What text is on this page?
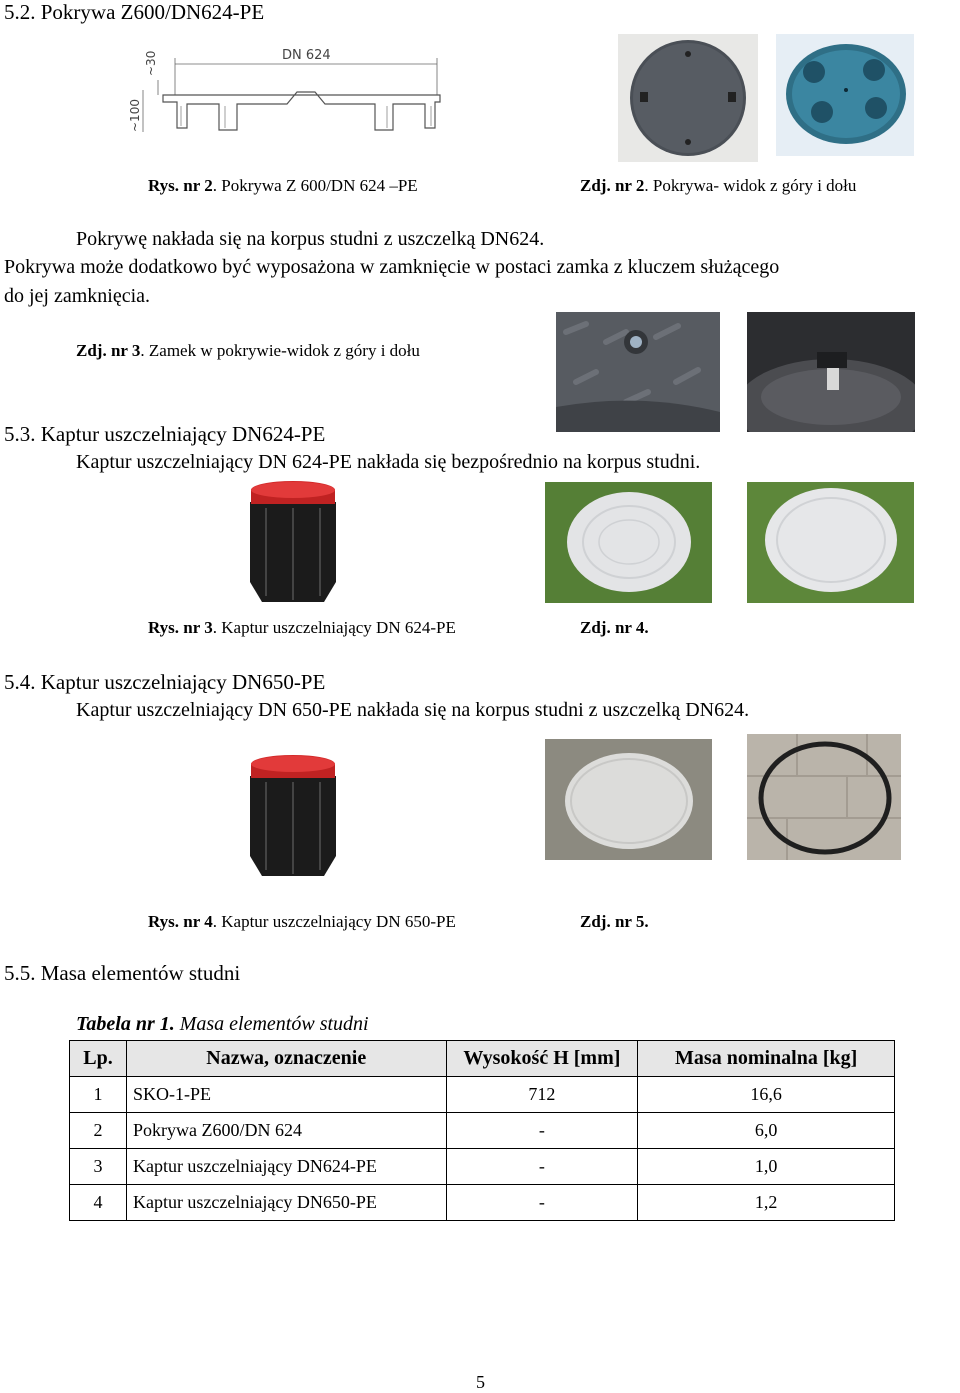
5.2. Pokrywa Z600/DN624-PE
~30
~100
DN 624
Rys. nr 2. Pokrywa Z 600/DN 624 –PE	Zdj. nr 2. Pokrywa- widok z góry i dołu
Pokrywę nakłada się na korpus studni z uszczelką DN624.
Pokrywa może dodatkowo być wyposażona w zamknięcie w postaci zamka z kluczem służącego
do jej zamknięcia.
Zdj. nr 3. Zamek w pokrywie-widok z góry i dołu
5.3. Kaptur uszczelniający DN624-PE
Kaptur uszczelniający DN 624-PE nakłada się bezpośrednio na korpus studni.
Rys. nr 3. Kaptur uszczelniający DN 624-PE	Zdj. nr 4.
5.4. Kaptur uszczelniający DN650-PE
Kaptur uszczelniający DN 650-PE nakłada się na korpus studni z uszczelką DN624.
Rys. nr 4. Kaptur uszczelniający DN 650-PE	Zdj. nr 5.
5.5. Masa elementów studni
Tabela nr 1. Masa elementów studni
Lp.	Nazwa, oznaczenie	Wysokość H [mm]	Masa nominalna [kg]
1	SKO-1-PE	712	16,6
2	Pokrywa Z600/DN 624	-	6,0
3	Kaptur uszczelniający DN624-PE	-	1,0
4	Kaptur uszczelniający DN650-PE	-	1,2
5
